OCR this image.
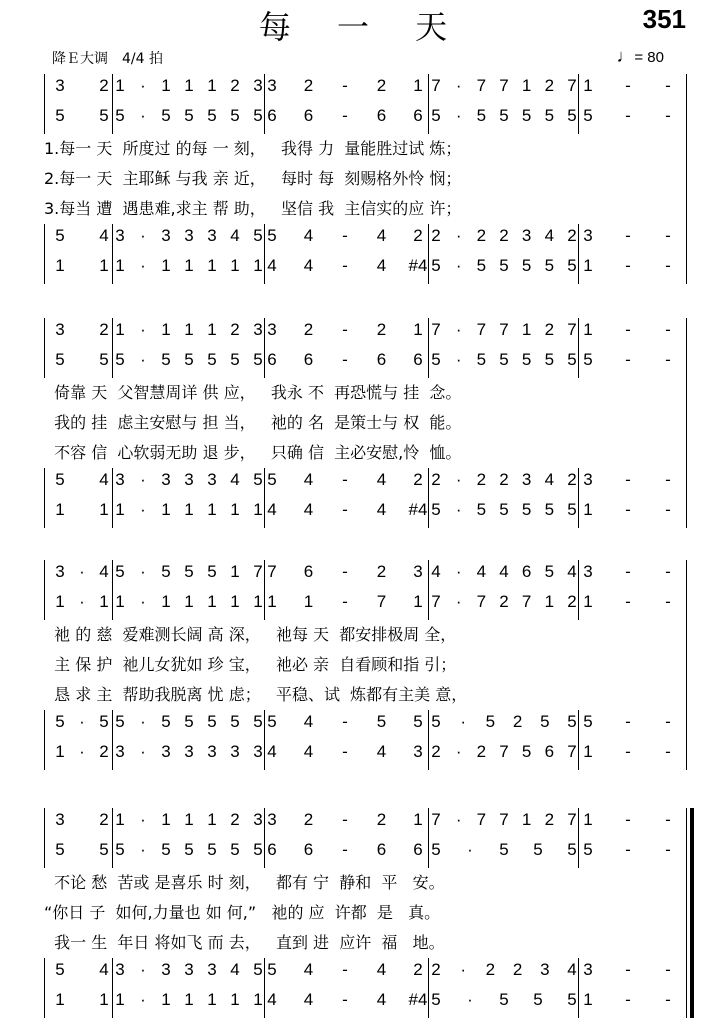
每 一 天	351
降Ｅ大调　4/4 拍	♩= 80
3 2 1 · 1 1 1 2 3 3 2 - 2 1 7 · 7 7 1 2 7 1 - -
5 5 5 · 5 5 5 5 5 6 6 - 6 6 5 · 5 5 5 5 5 5 - -
1.每一 天  所度过 的每 一 刻，   我得 力  量能胜过试 炼；
2.每一 天  主耶稣 与我 亲 近，   每时 每  刻赐格外怜 悯；
3.每当 遭  遇患难,求主 帮 助，   坚信 我  主信实的应 许；
5 4 3 · 3 3 3 4 5 5 4 - 4 2 2 · 2 2 3 4 2 3 - -
1 1 1 · 1 1 1 1 1 4 4 - 4 #4 5 · 5 5 5 5 5 1 - -
3 2 1 · 1 1 1 2 3 3 2 - 2 1 7 · 7 7 1 2 7 1 - -
5 5 5 · 5 5 5 5 5 6 6 - 6 6 5 · 5 5 5 5 5 5 - -
倚靠 天  父智慧周详 供 应，   我永 不  再恐慌与 挂  念。
我的 挂  虑主安慰与 担 当，   祂的 名  是策士与 权  能。
不容 信  心软弱无助 退 步，   只确 信  主必安慰,怜  恤。
5 4 3 · 3 3 3 4 5 5 4 - 4 2 2 · 2 2 3 4 2 3 - -
1 1 1 · 1 1 1 1 1 4 4 - 4 #4 5 · 5 5 5 5 5 1 - -
3 · 4 5 · 5 5 5 1 7 7 6 - 2 3 4 · 4 4 6 5 4 3 - -
1 · 1 1 · 1 1 1 1 1 1 1 - 7 1 7 · 7 2 7 1 2 1 - -
祂 的 慈  爱难测长阔 高 深，   祂每 天  都安排极周 全，
主 保 护  祂儿女犹如 珍 宝，   祂必 亲  自看顾和指 引；
恳 求 主  帮助我脱离 忧 虑；   平稳、试  炼都有主美 意，
5 · 5 5 · 5 5 5 5 5 5 4 - 5 5 5 · 5 2 5 5 5 - -
1 · 2 3 · 3 3 3 3 3 4 4 - 4 3 2 · 2 7 5 6 7 1 - -
3 2 1 · 1 1 1 2 3 3 2 - 2 1 7 · 7 7 1 2 7 1 - -
5 5 5 · 5 5 5 5 5 6 6 - 6 6 5 · 5 5 5 5 - -
不论 愁  苦或 是喜乐 时 刻，   都有 宁  静和  平   安。
“你日 子  如何,力量也 如 何,”   祂的 应  许都  是   真。
我一 生  年日 将如飞 而 去，   直到 进  应许  福   地。
5 4 3 · 3 3 3 4 5 5 4 - 4 2 2 · 2 2 3 4 3 - -
1 1 1 · 1 1 1 1 1 4 4 - 4 #4 5 · 5 5 5 1 - -
